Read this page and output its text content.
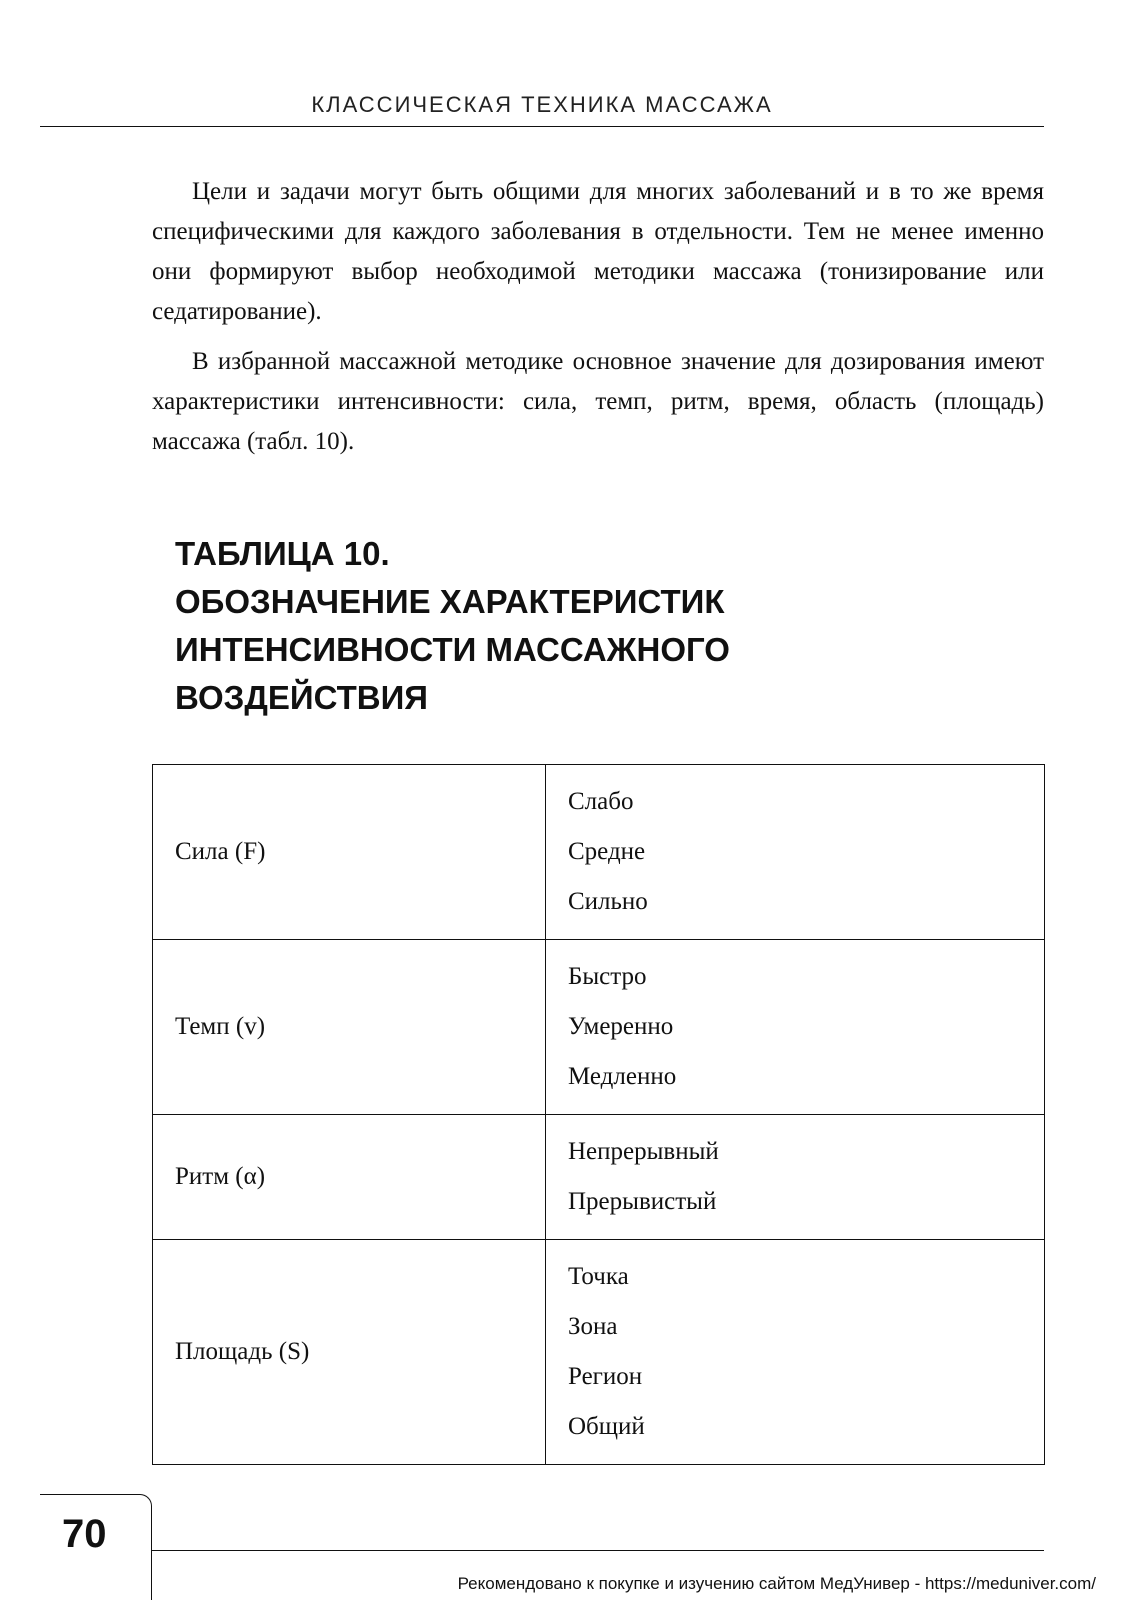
КЛАССИЧЕСКАЯ ТЕХНИКА МАССАЖА

Цели и задачи могут быть общими для многих заболеваний и в то же время специфическими для каждого заболевания в отдельности. Тем не менее именно они формируют выбор необходимой методики массажа (тонизирование или седатирование).

В избранной массажной методике основное значение для дозирования имеют характеристики интенсивности: сила, темп, ритм, время, область (площадь) массажа (табл. 10).

ТАБЛИЦА 10.
ОБОЗНАЧЕНИЕ ХАРАКТЕРИСТИК
ИНТЕНСИВНОСТИ МАССАЖНОГО
ВОЗДЕЙСТВИЯ
Сила (F)	Слабо
Средне
Сильно

Темп (v)	Быстро
Умеренно
Медленно

Ритм (α)	Непрерывный
Прерывистый

Площадь (S)	Точка
Зона
Регион
Общий
70
Рекомендовано к покупке и изучению сайтом МедУнивер - https://meduniver.com/
